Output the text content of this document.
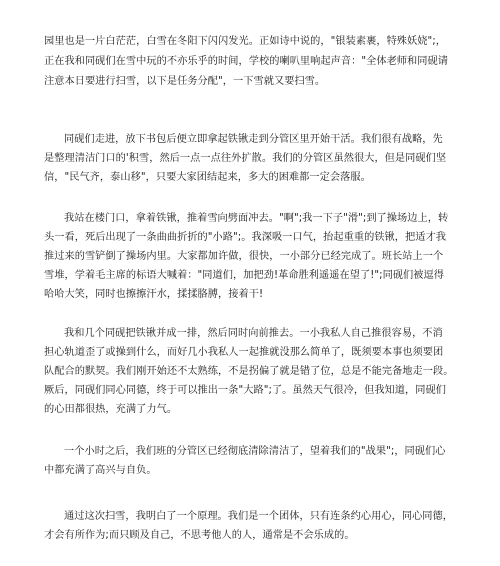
园里也是一片白茫茫，白雪在冬阳下闪闪发光。正如诗中说的，"银装素裹，特殊妖娆";，
正在我和同砚们在雪中玩的不亦乐乎的时间，学校的喇叭里响起声音："全体老师和同砚请
注意本日要进行扫雪，以下是任务分配"，一下雪就又要扫雪。
同砚们走进，放下书包后便立即拿起铁锹走到分管区里开始干活。我们很有战略，先
是整理清洁门口的'积雪，然后一点一点往外扩散。我们的分管区虽然很大，但是同砚们坚
信，"民气齐，泰山移"，只要大家团结起来，多大的困难都一定会落服。
我站在楼门口，拿着铁锹，推着雪向劈面冲去。"啊";我一下子"滑";到了操场边上，转
头一看，死后出现了一条曲曲折折的"小路";。我深吸一口气，抬起重重的铁锹，把适才我
推过来的雪铲倒了操场内里。大家都加许做，很快，一小部分已经完成了。班长站上一个
雪堆，学着毛主席的标语大喊着："同道们，加把劲!革命胜利遥遥在望了!";同砚们被逗得
哈哈大笑，同时也擦擦汗水，揉揉胳膊，接着干!
我和几个同砚把铁锹并成一排，然后同时向前推去。一小我私人自己推很容易，不消
担心轨道歪了或操到什么，而好几小我私人一起推就没那么简单了，既须要本事也须要团
队配合的默契。我们刚开始还不太熟练，不是拐偏了就是错了位，总是不能完备地走一段。
厥后，同砚们同心同德，终于可以推出一条"大路";了。虽然天气很冷，但我知道，同砚们
的心田都很热，充满了力气。
一个小时之后，我们班的分管区已经彻底清除清洁了，望着我们的"战果";，同砚们心
中都充满了高兴与自负。
通过这次扫雪，我明白了一个原理。我们是一个团体，只有连条约心用心，同心同德，
才会有所作为;而只顾及自己，不思考他人的人，通常是不会乐成的。
